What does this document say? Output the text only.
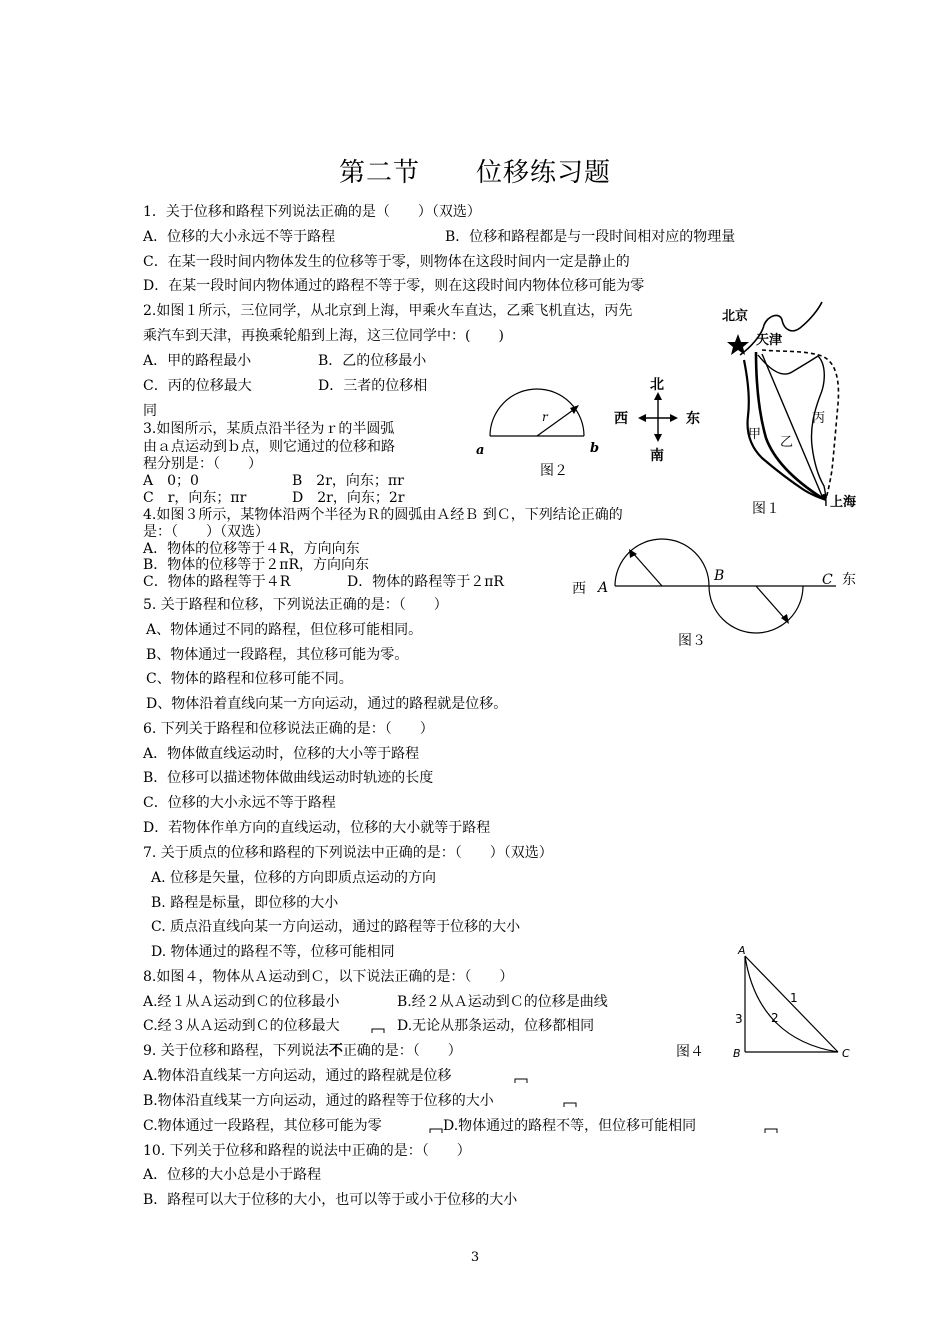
第二节 位移练习题
1．关于位移和路程下列说法正确的是（　　）（双选）
A．位移的大小永远不等于路程	B．位移和路程都是与一段时间相对应的物理量
C．在某一段时间内物体发生的位移等于零，则物体在这段时间内一定是静止的
D．在某一段时间内物体通过的路程不等于零，则在这段时间内物体位移可能为零
2.如图１所示，三位同学，从北京到上海，甲乘火车直达，乙乘飞机直达，丙先
乘汽车到天津，再换乘轮船到上海，这三位同学中：(　　)
A．甲的路程最小	B．乙的位移最小
C．丙的位移最大	D．三者的位移相
同
3.如图所示，某质点沿半径为ｒ的半圆弧
由ａ点运动到ｂ点，则它通过的位移和路
程分别是：（　　）
A　0；0	B　2r，向东；πr
C　r，向东；πr	D　2r，向东；2r
4.如图３所示，某物体沿两个半径为Ｒ的圆弧由Ａ经Ｂ 到Ｃ，下列结论正确的
是：（　　）（双选）
A．物体的位移等于４R，方向向东
B．物体的位移等于２πR，方向向东
C．物体的路程等于４R	D．物体的路程等于２πR
5. 关于路程和位移，下列说法正确的是：（　　）
A、物体通过不同的路程，但位移可能相同。
B、物体通过一段路程，其位移可能为零。
C、物体的路程和位移可能不同。
D、物体沿着直线向某一方向运动，通过的路程就是位移。
6. 下列关于路程和位移说法正确的是：（　　）
A．物体做直线运动时，位移的大小等于路程
B．位移可以描述物体做曲线运动时轨迹的长度
C．位移的大小永远不等于路程
D．若物体作单方向的直线运动，位移的大小就等于路程
7. 关于质点的位移和路程的下列说法中正确的是：（　　）（双选）
A. 位移是矢量，位移的方向即质点运动的方向
B. 路程是标量，即位移的大小
C. 质点沿直线向某一方向运动，通过的路程等于位移的大小
D. 物体通过的路程不等，位移可能相同
8.如图４，物体从Ａ运动到Ｃ，以下说法正确的是：（　　）
A.经１从Ａ运动到Ｃ的位移最小	B.经２从Ａ运动到Ｃ的位移是曲线
C.经３从Ａ运动到Ｃ的位移最大	D.无论从那条运动，位移都相同
9. 关于位移和路程，下列说法不正确的是：（　　）
A.物体沿直线某一方向运动，通过的路程就是位移
B.物体沿直线某一方向运动，通过的路程等于位移的大小
C.物体通过一段路程，其位移可能为零	D.物体通过的路程不等，但位移可能相同
10. 下列关于位移和路程的说法中正确的是：（　　）
A．位移的大小总是小于路程
B．路程可以大于位移的大小，也可以等于或小于位移的大小
北京
天津
上海
甲
乙
丙
图１
r
a	b
图２
北
南
西	东
西 A
B	C 东
图３
A
B	C
1
2
3
图４
3
